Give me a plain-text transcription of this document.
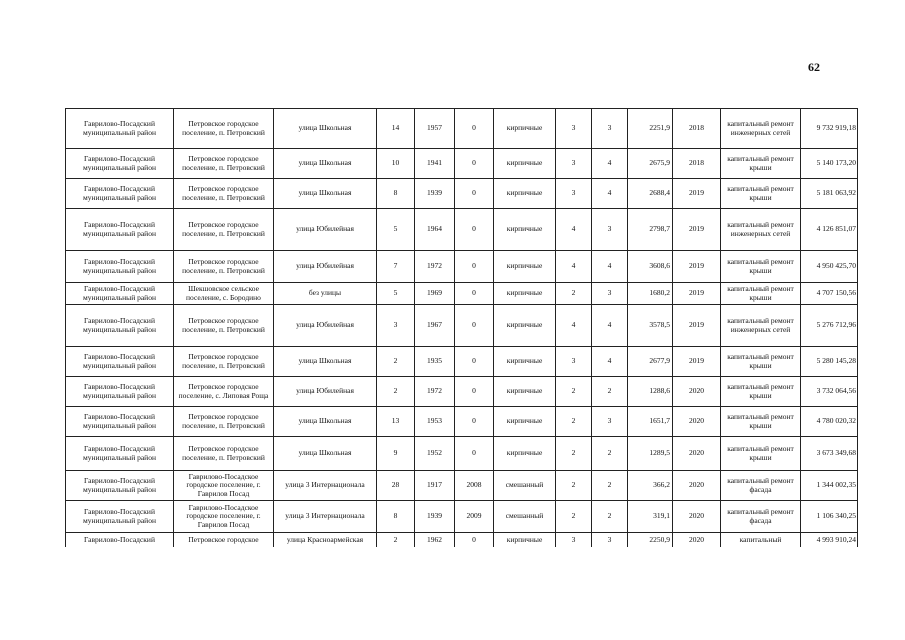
62
Гаврилово-Посадский муниципальный район	Петровское городское поселение, п. Петровский	улица Школьная	14	1957	0	кирпичные	3	3	2251,9	2018	капитальный ремонт инженерных сетей	9 732 919,18
Гаврилово-Посадский муниципальный район	Петровское городское поселение, п. Петровский	улица Школьная	10	1941	0	кирпичные	3	4	2675,9	2018	капитальный ремонт крыши	5 140 173,20
Гаврилово-Посадский муниципальный район	Петровское городское поселение, п. Петровский	улица Школьная	8	1939	0	кирпичные	3	4	2688,4	2019	капитальный ремонт крыши	5 181 063,92
Гаврилово-Посадский муниципальный район	Петровское городское поселение, п. Петровский	улица Юбилейная	5	1964	0	кирпичные	4	3	2798,7	2019	капитальный ремонт инженерных сетей	4 126 851,07
Гаврилово-Посадский муниципальный район	Петровское городское поселение, п. Петровский	улица Юбилейная	7	1972	0	кирпичные	4	4	3608,6	2019	капитальный ремонт крыши	4 950 425,70
Гаврилово-Посадский муниципальный район	Шекшовское сельское поселение, с. Бородино	без улицы	5	1969	0	кирпичные	2	3	1680,2	2019	капитальный ремонт крыши	4 707 150,56
Гаврилово-Посадский муниципальный район	Петровское городское поселение, п. Петровский	улица Юбилейная	3	1967	0	кирпичные	4	4	3578,5	2019	капитальный ремонт инженерных сетей	5 276 712,96
Гаврилово-Посадский муниципальный район	Петровское городское поселение, п. Петровский	улица Школьная	2	1935	0	кирпичные	3	4	2677,9	2019	капитальный ремонт крыши	5 280 145,28
Гаврилово-Посадский муниципальный район	Петровское городское поселение, с. Липовая Роща	улица Юбилейная	2	1972	0	кирпичные	2	2	1288,6	2020	капитальный ремонт крыши	3 732 064,56
Гаврилово-Посадский муниципальный район	Петровское городское поселение, п. Петровский	улица Школьная	13	1953	0	кирпичные	2	3	1651,7	2020	капитальный ремонт крыши	4 780 020,32
Гаврилово-Посадский муниципальный район	Петровское городское поселение, п. Петровский	улица Школьная	9	1952	0	кирпичные	2	2	1289,5	2020	капитальный ремонт крыши	3 673 349,68
Гаврилово-Посадский муниципальный район	Гаврилово-Посадское городское поселение, г. Гаврилов Посад	улица 3 Интернационала	28	1917	2008	смешанный	2	2	366,2	2020	капитальный ремонт фасада	1 344 002,35
Гаврилово-Посадский муниципальный район	Гаврилово-Посадское городское поселение, г. Гаврилов Посад	улица 3 Интернационала	8	1939	2009	смешанный	2	2	319,1	2020	капитальный ремонт фасада	1 106 340,25
Гаврилово-Посадский	Петровское городское	улица Красноармейская	2	1962	0	кирпичные	3	3	2250,9	2020	капитальный	4 993 910,24
